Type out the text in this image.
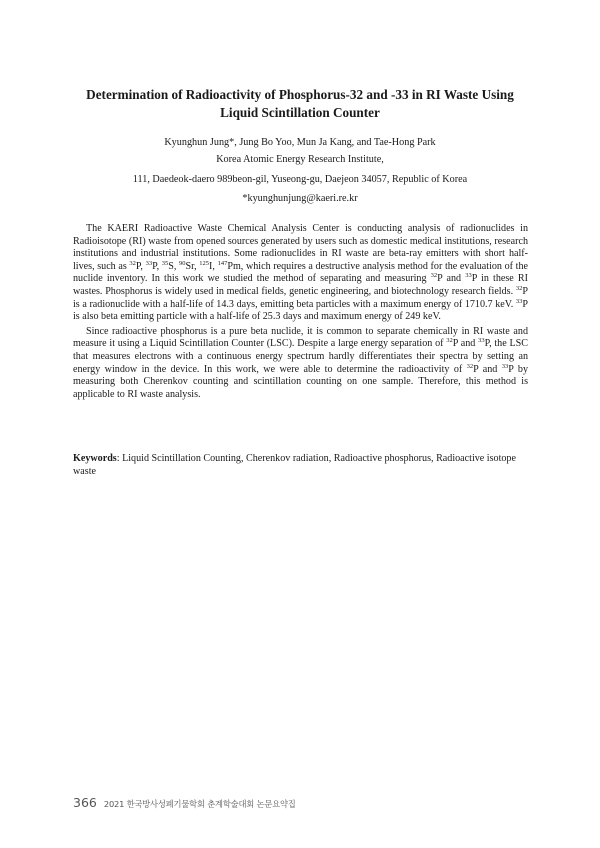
Determination of Radioactivity of Phosphorus-32 and -33 in RI Waste Using
Liquid Scintillation Counter
Kyunghun Jung*, Jung Bo Yoo, Mun Ja Kang, and Tae-Hong Park
Korea Atomic Energy Research Institute,
111, Daedeok-daero 989beon-gil, Yuseong-gu, Daejeon 34057, Republic of Korea
*kyunghunjung@kaeri.re.kr

The KAERI Radioactive Waste Chemical Analysis Center is conducting analysis of radionuclides in Radioisotope (RI) waste from opened sources generated by users such as domestic medical institutions, research institutions and industrial institutions. Some radionuclides in RI waste are beta-ray emitters with short half-lives, such as $^{32}$P, $^{33}$P, $^{35}$S, $^{90}$Sr, $^{125}$I, $^{147}$Pm, which requires a destructive analysis method for the evaluation of the nuclide inventory. In this work we studied the method of separating and measuring $^{32}$P and $^{33}$P in these RI wastes. Phosphorus is widely used in medical fields, genetic engineering, and biotechnology research fields. $^{32}$P is a radionuclide with a half-life of 14.3 days, emitting beta particles with a maximum energy of 1710.7 keV. $^{33}$P is also beta emitting particle with a half-life of 25.3 days and maximum energy of 249 keV.

Since radioactive phosphorus is a pure beta nuclide, it is common to separate chemically in RI waste and measure it using a Liquid Scintillation Counter (LSC). Despite a large energy separation of $^{32}$P and $^{33}$P, the LSC that measures electrons with a continuous energy spectrum hardly differentiates their spectra by setting an energy window in the device. In this work, we were able to determine the radioactivity of $^{32}$P and $^{33}$P by measuring both Cherenkov counting and scintillation counting on one sample. Therefore, this method is applicable to RI waste analysis.

Keywords: Liquid Scintillation Counting, Cherenkov radiation, Radioactive phosphorus, Radioactive isotope waste
366 2021 한국방사성폐기물학회 춘계학술대회 논문요약집
